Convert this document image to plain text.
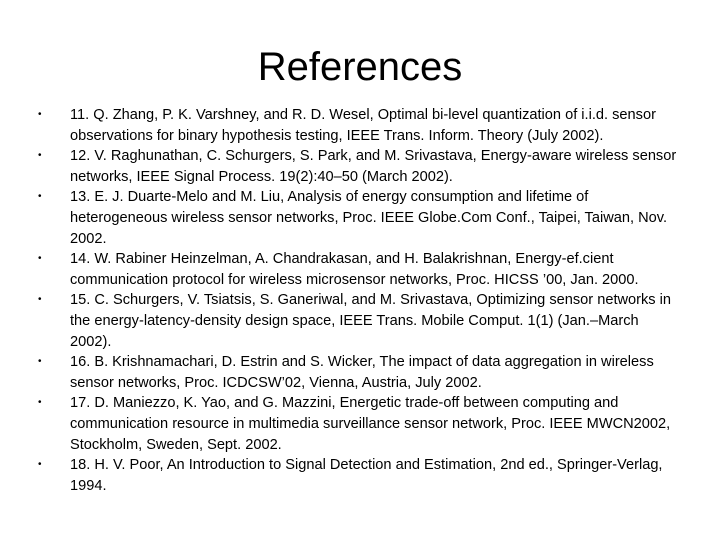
References
• 11. Q. Zhang, P. K. Varshney, and R. D. Wesel, Optimal bi-level quantization of i.i.d. sensor observations for binary hypothesis testing, IEEE Trans. Inform. Theory (July 2002).
• 12. V. Raghunathan, C. Schurgers, S. Park, and M. Srivastava, Energy-aware wireless sensor networks, IEEE Signal Process. 19(2):40–50 (March 2002).
• 13. E. J. Duarte-Melo and M. Liu, Analysis of energy consumption and lifetime of heterogeneous wireless sensor networks, Proc. IEEE Globe.Com Conf., Taipei, Taiwan, Nov. 2002.
• 14. W. Rabiner Heinzelman, A. Chandrakasan, and H. Balakrishnan, Energy-ef.cient communication protocol for wireless microsensor networks, Proc. HICSS ’00, Jan. 2000.
• 15. C. Schurgers, V. Tsiatsis, S. Ganeriwal, and M. Srivastava, Optimizing sensor networks in the energy-latency-density design space, IEEE Trans. Mobile Comput. 1(1) (Jan.–March 2002).
• 16. B. Krishnamachari, D. Estrin and S. Wicker, The impact of data aggregation in wireless sensor networks, Proc. ICDCSW’02, Vienna, Austria, July 2002.
• 17. D. Maniezzo, K. Yao, and G. Mazzini, Energetic trade-off between computing and communication resource in multimedia surveillance sensor network, Proc. IEEE MWCN2002, Stockholm, Sweden, Sept. 2002.
• 18. H. V. Poor, An Introduction to Signal Detection and Estimation, 2nd ed., Springer-Verlag, 1994.
